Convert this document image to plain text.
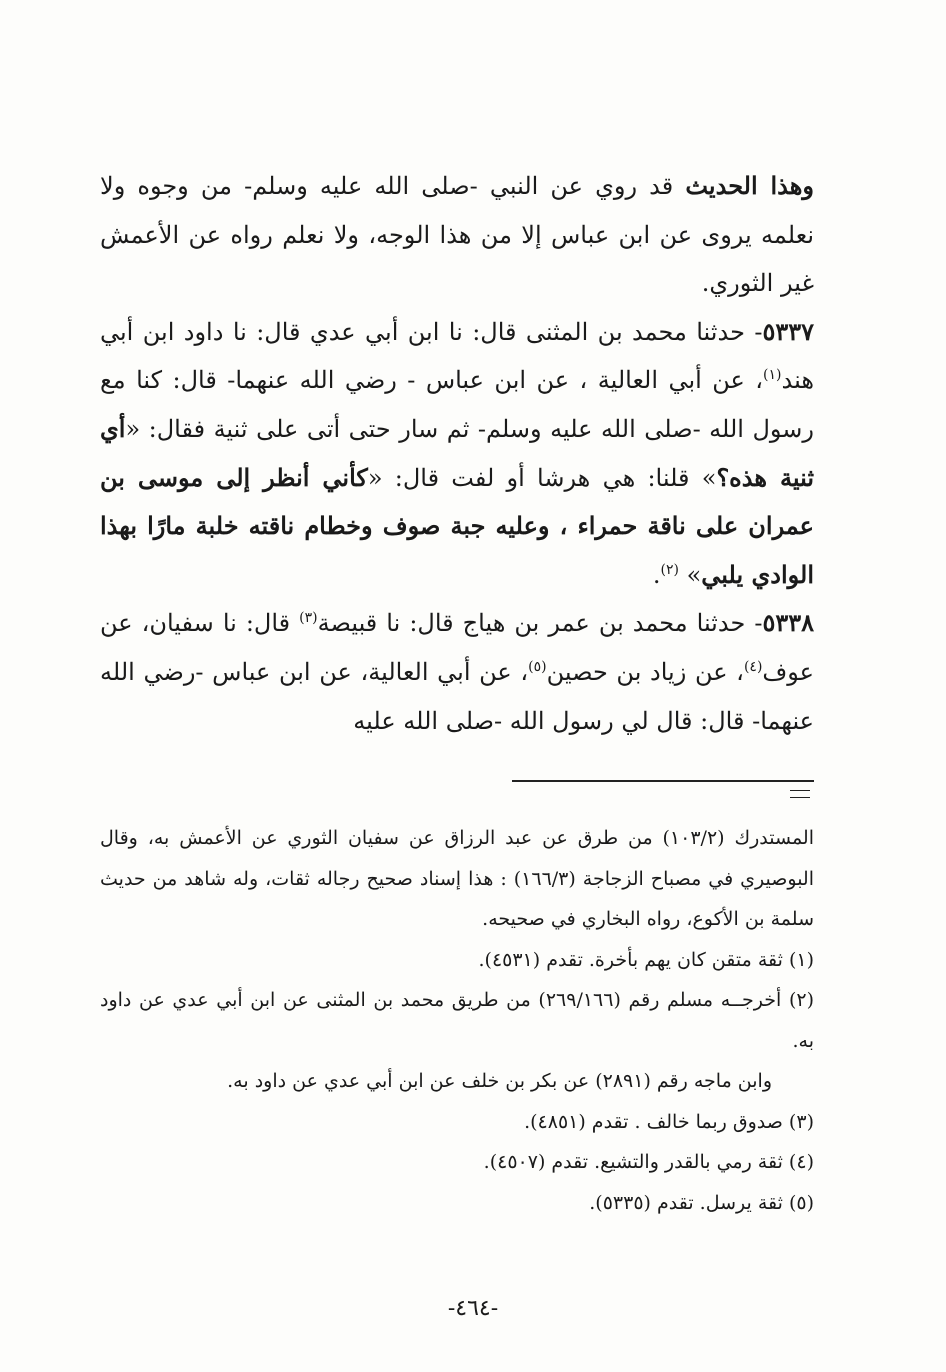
وهذا الحديث قد روي عن النبي -صلى الله عليه وسلم- من وجوه ولا نعلمه يروى عن ابن عباس إلا من هذا الوجه، ولا نعلم رواه عن الأعمش غير الثوري.

٥٣٣٧- حدثنا محمد بن المثنى قال: نا ابن أبي عدي قال: نا داود ابن أبي هند$^{(١)}$، عن أبي العالية ، عن ابن عباس - رضي الله عنهما- قال: كنا مع رسول الله -صلى الله عليه وسلم- ثم سار حتى أتى على ثنية فقال: «أي ثنية هذه؟» قلنا: هي هرشا أو لفت قال: «كأني أنظر إلى موسى بن عمران على ناقة حمراء ، وعليه جبة صوف وخطام ناقته خلبة مارًا بهذا الوادي يلبي» $^{(٢)}$.

٥٣٣٨- حدثنا محمد بن عمر بن هياج قال: نا قبيصة$^{(٣)}$ قال: نا سفيان، عن عوف$^{(٤)}$، عن زياد بن حصين$^{(٥)}$، عن أبي العالية، عن ابن عباس -رضي الله عنهما- قال: قال لي رسول الله -صلى الله عليه

المستدرك (١٠٣/٢) من طرق عن عبد الرزاق عن سفيان الثوري عن الأعمش به، وقال البوصيري في مصباح الزجاجة (١٦٦/٣) : هذا إسناد صحيح رجاله ثقات، وله شاهد من حديث سلمة بن الأكوع، رواه البخاري في صحيحه.

(١) ثقة متقن كان يهم بأخرة. تقدم (٤٥٣١).

(٢) أخرجــه مسلم رقم (٢٦٩/١٦٦) من طريق محمد بن المثنى عن ابن أبي عدي عن داود به.

وابن ماجه رقم (٢٨٩١) عن بكر بن خلف عن ابن أبي عدي عن داود به.

(٣) صدوق ربما خالف . تقدم (٤٨٥١).

(٤) ثقة رمي بالقدر والتشيع. تقدم (٤٥٠٧).

(٥) ثقة يرسل. تقدم (٥٣٣٥).

-٤٦٤-
